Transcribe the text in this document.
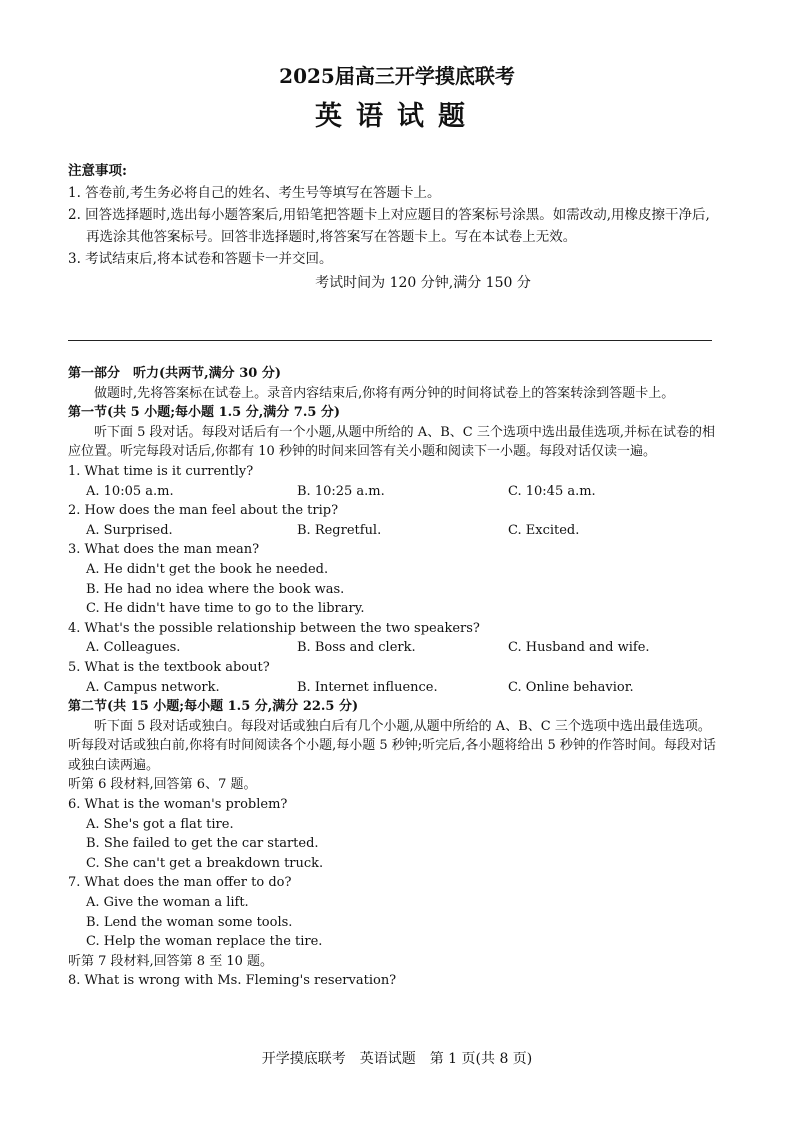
2025届高三开学摸底联考
英语试题
注意事项:
1. 答卷前,考生务必将自己的姓名、考生号等填写在答题卡上。
2. 回答选择题时,选出每小题答案后,用铅笔把答题卡上对应题目的答案标号涂黑。如需改动,用橡皮擦干净后,再选涂其他答案标号。回答非选择题时,将答案写在答题卡上。写在本试卷上无效。
3. 考试结束后,将本试卷和答题卡一并交回。
考试时间为 120 分钟,满分 150 分
第一部分　听力(共两节,满分 30 分)
做题时,先将答案标在试卷上。录音内容结束后,你将有两分钟的时间将试卷上的答案转涂到答题卡上。
第一节(共 5 小题;每小题 1.5 分,满分 7.5 分)
听下面 5 段对话。每段对话后有一个小题,从题中所给的 A、B、C 三个选项中选出最佳选项,并标在试卷的相应位置。听完每段对话后,你都有 10 秒钟的时间来回答有关小题和阅读下一小题。每段对话仅读一遍。
1. What time is it currently?
A. 10:05 a.m.	B. 10:25 a.m.	C. 10:45 a.m.
2. How does the man feel about the trip?
A. Surprised.	B. Regretful.	C. Excited.
3. What does the man mean?
A. He didn't get the book he needed.
B. He had no idea where the book was.
C. He didn't have time to go to the library.
4. What's the possible relationship between the two speakers?
A. Colleagues.	B. Boss and clerk.	C. Husband and wife.
5. What is the textbook about?
A. Campus network.	B. Internet influence.	C. Online behavior.
第二节(共 15 小题;每小题 1.5 分,满分 22.5 分)
听下面 5 段对话或独白。每段对话或独白后有几个小题,从题中所给的 A、B、C 三个选项中选出最佳选项。听每段对话或独白前,你将有时间阅读各个小题,每小题 5 秒钟;听完后,各小题将给出 5 秒钟的作答时间。每段对话或独白读两遍。
听第 6 段材料,回答第 6、7 题。
6. What is the woman's problem?
A. She's got a flat tire.
B. She failed to get the car started.
C. She can't get a breakdown truck.
7. What does the man offer to do?
A. Give the woman a lift.
B. Lend the woman some tools.
C. Help the woman replace the tire.
听第 7 段材料,回答第 8 至 10 题。
8. What is wrong with Ms. Fleming's reservation?
开学摸底联考　英语试题　第 1 页(共 8 页)
